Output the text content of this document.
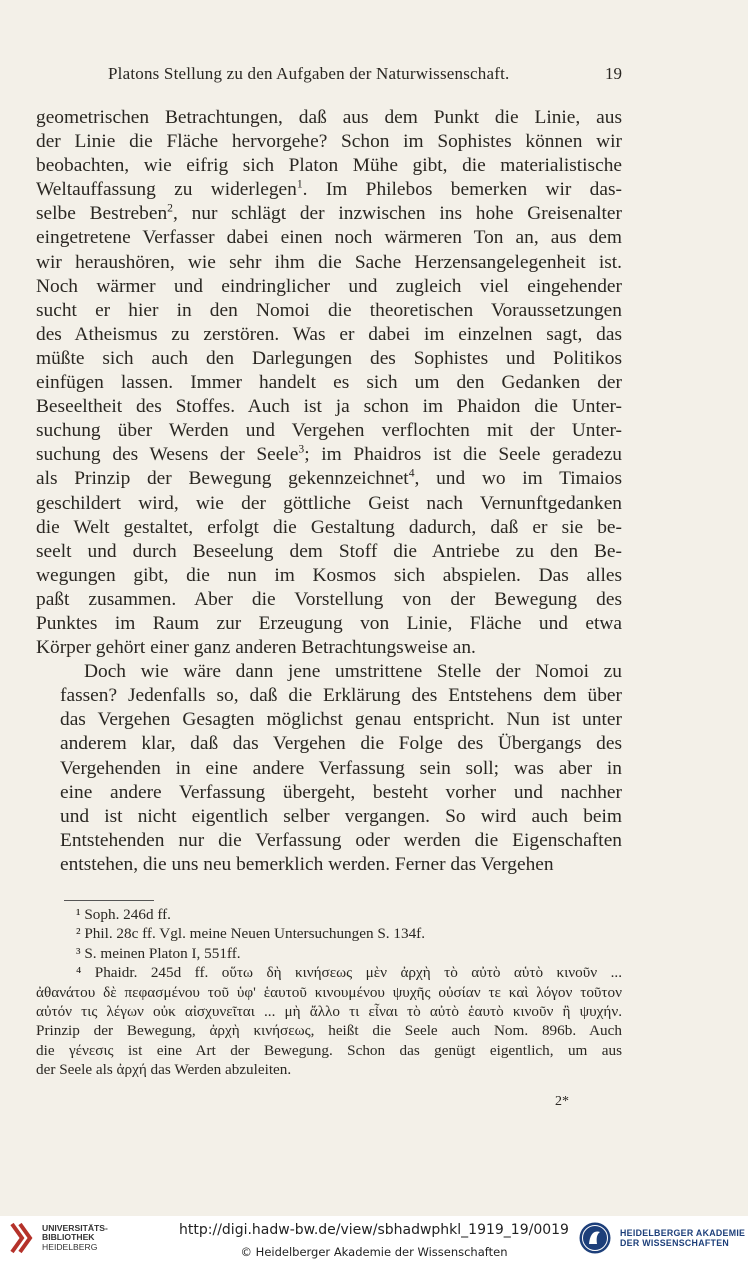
Platons Stellung zu den Aufgaben der Naturwissenschaft.	19

geometrischen Betrachtungen, daß aus dem Punkt die Linie, aus
der Linie die Fläche hervorgehe? Schon im Sophistes können wir
beobachten, wie eifrig sich Platon Mühe gibt, die materialistische
Weltauffassung zu widerlegen$^1$. Im Philebos bemerken wir das-
selbe Bestreben$^2$, nur schlägt der inzwischen ins hohe Greisenalter
eingetretene Verfasser dabei einen noch wärmeren Ton an, aus dem
wir heraushören, wie sehr ihm die Sache Herzensangelegenheit ist.
Noch wärmer und eindringlicher und zugleich viel eingehender
sucht er hier in den Nomoi die theoretischen Voraussetzungen
des Atheismus zu zerstören. Was er dabei im einzelnen sagt, das
müßte sich auch den Darlegungen des Sophistes und Politikos
einfügen lassen. Immer handelt es sich um den Gedanken der
Beseeltheit des Stoffes. Auch ist ja schon im Phaidon die Unter-
suchung über Werden und Vergehen verflochten mit der Unter-
suchung des Wesens der Seele$^3$; im Phaidros ist die Seele geradezu
als Prinzip der Bewegung gekennzeichnet$^4$, und wo im Timaios
geschildert wird, wie der göttliche Geist nach Vernunftgedanken
die Welt gestaltet, erfolgt die Gestaltung dadurch, daß er sie be-
seelt und durch Beseelung dem Stoff die Antriebe zu den Be-
wegungen gibt, die nun im Kosmos sich abspielen. Das alles
paßt zusammen. Aber die Vorstellung von der Bewegung des
Punktes im Raum zur Erzeugung von Linie, Fläche und etwa
Körper gehört einer ganz anderen Betrachtungsweise an.

Doch wie wäre dann jene umstrittene Stelle der Nomoi zu
fassen? Jedenfalls so, daß die Erklärung des Entstehens dem über
das Vergehen Gesagten möglichst genau entspricht. Nun ist unter
anderem klar, daß das Vergehen die Folge des Übergangs des
Vergehenden in eine andere Verfassung sein soll; was aber in
eine andere Verfassung übergeht, besteht vorher und nachher
und ist nicht eigentlich selber vergangen. So wird auch beim
Entstehenden nur die Verfassung oder werden die Eigenschaften
entstehen, die uns neu bemerklich werden. Ferner das Vergehen

¹ Soph. 246d ff.
² Phil. 28c ff. Vgl. meine Neuen Untersuchungen S. 134f.
³ S. meinen Platon I, 551ff.
⁴ Phaidr. 245d ff. οὕτω δὴ κινήσεως μὲν ἀρχὴ τὸ αὐτὸ αὑτὸ κινοῦν ...
ἀθανάτου δὲ πεφασμένου τοῦ ὑφ' ἑαυτοῦ κινουμένου ψυχῆς οὐσίαν τε καὶ λόγον τοῦτον
αὐτόν τις λέγων οὐκ αἰσχυνεῖται ... μὴ ἄλλο τι εἶναι τὸ αὐτὸ ἑαυτὸ κινοῦν ἢ ψυχήν.
Prinzip der Bewegung, ἀρχὴ κινήσεως, heißt die Seele auch Nom. 896b. Auch
die γένεσις ist eine Art der Bewegung. Schon das genügt eigentlich, um aus
der Seele als ἀρχή das Werden abzuleiten.
2*
UNIVERSITÄTS-
BIBLIOTHEK
HEIDELBERG
http://digi.hadw-bw.de/view/sbhadwphkl_1919_19/0019
© Heidelberger Akademie der Wissenschaften
HEIDELBERGER AKADEMIE
DER WISSENSCHAFTEN
